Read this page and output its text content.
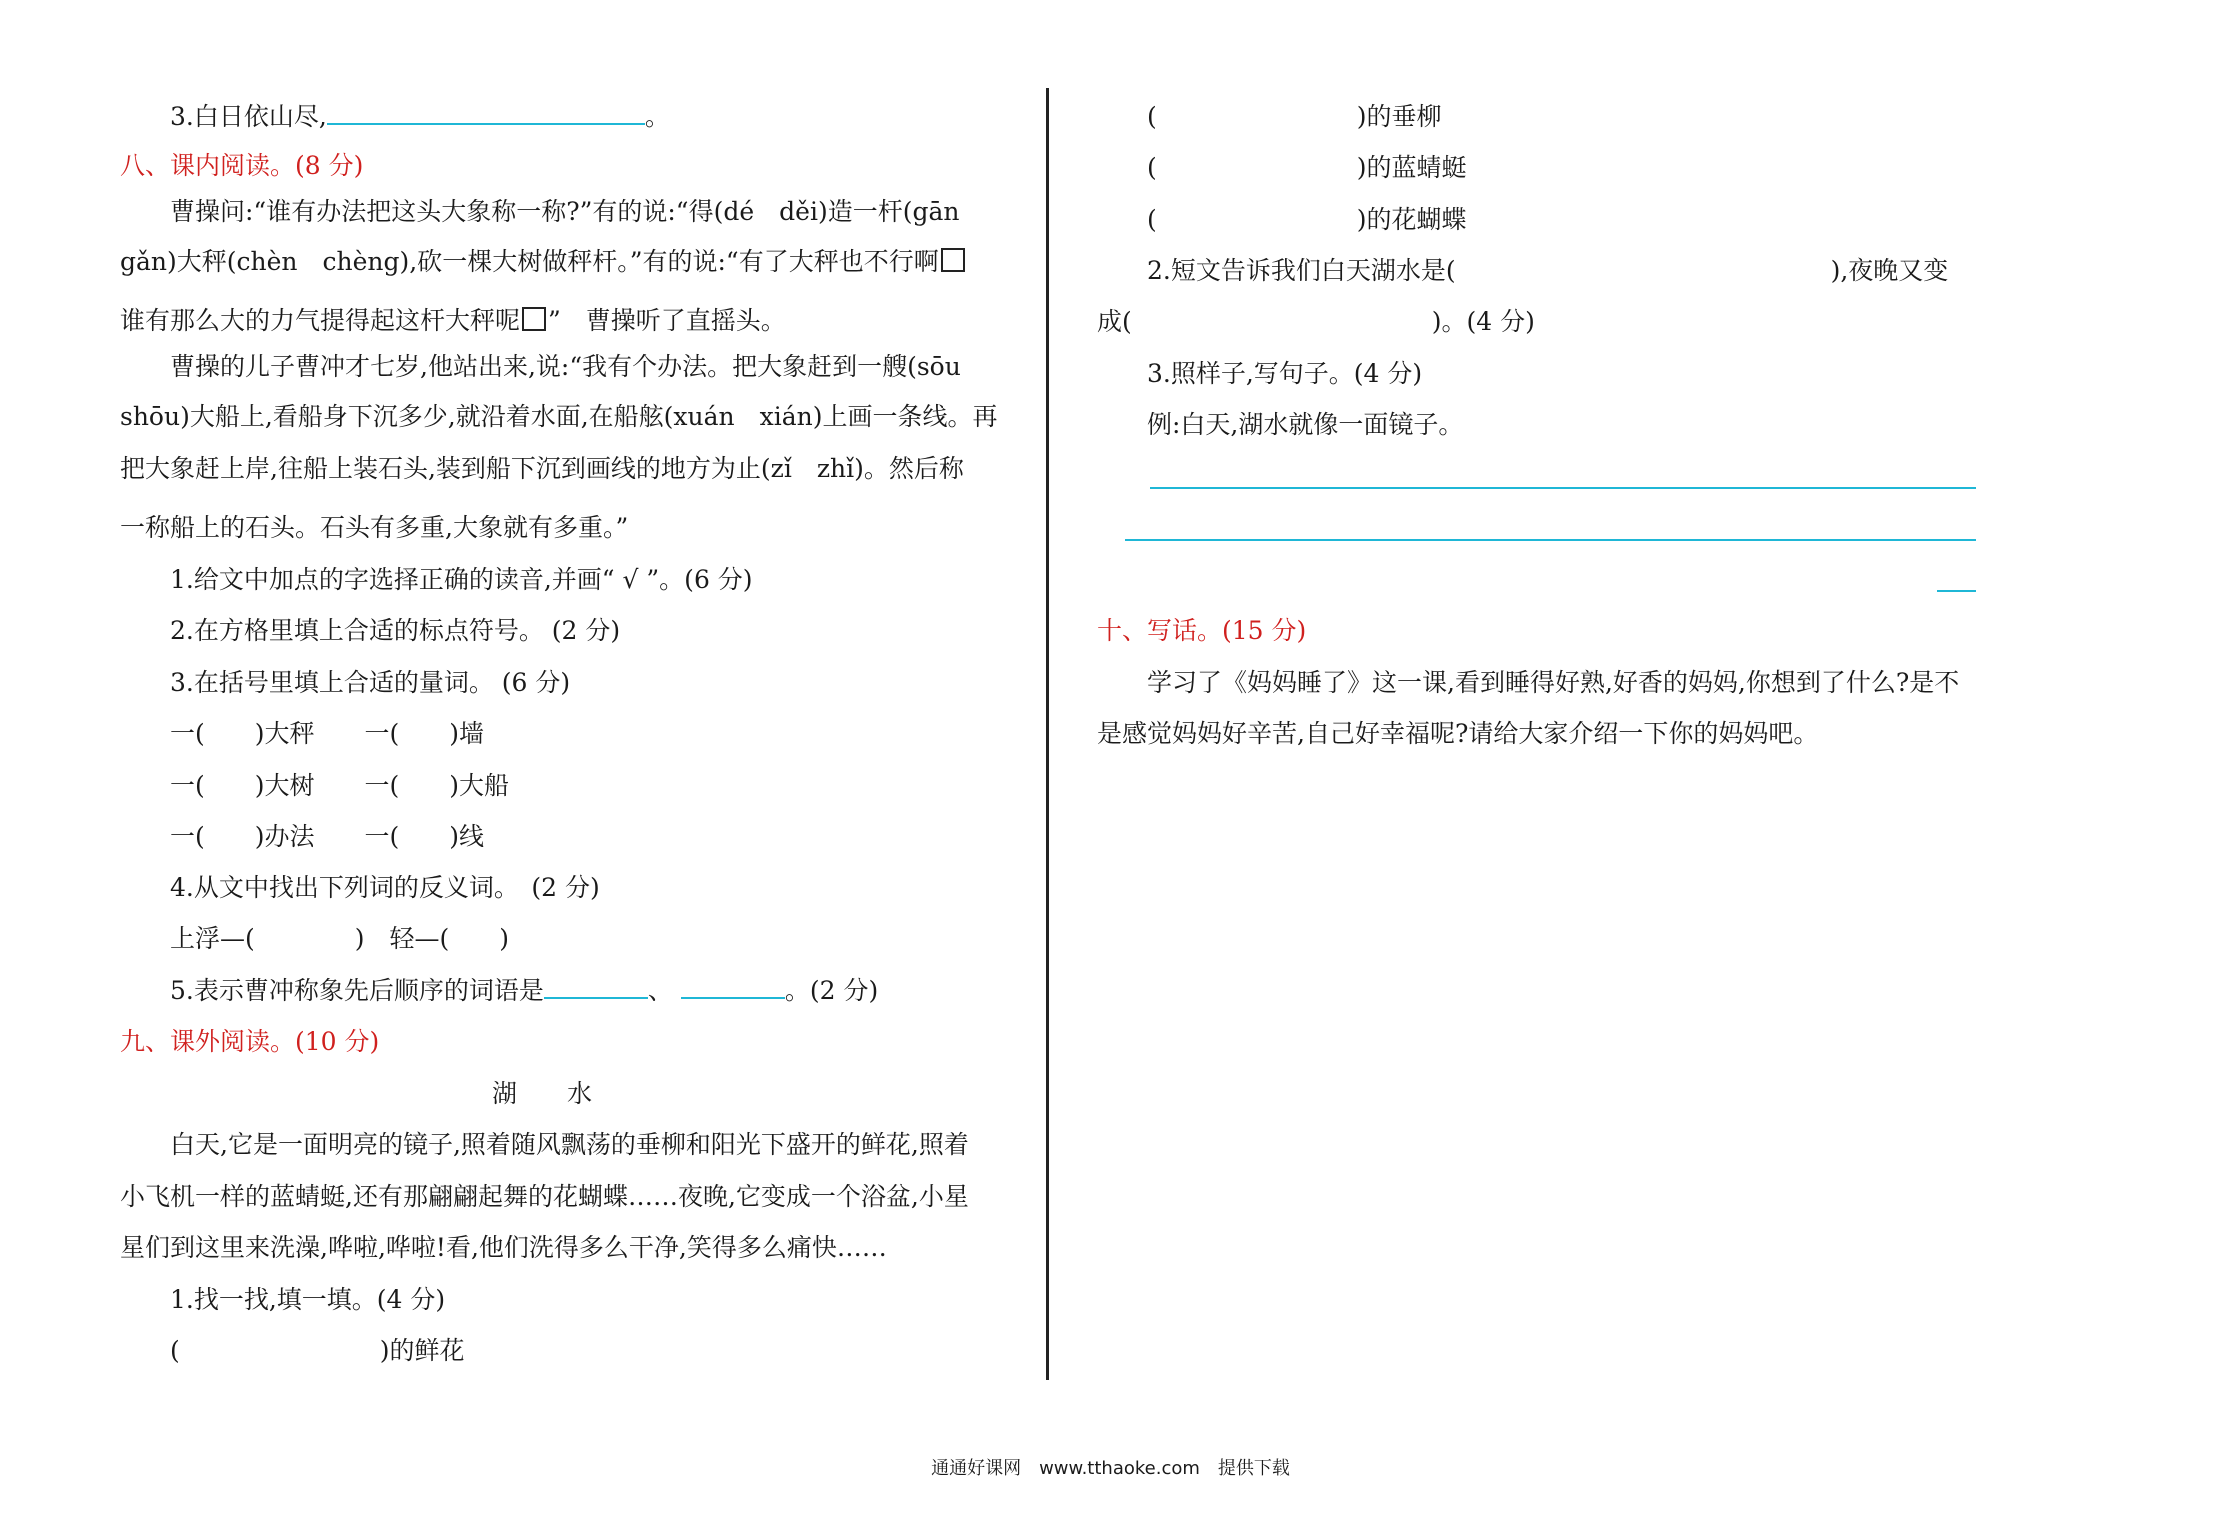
3.白日依山尽,	。
八、课内阅读。(8 分)
曹操问:“谁有办法把这头大象称一称?”有的说:“得(dé　děi)造一杆(gān
gǎn)大秤(chèn　chèng),砍一棵大树做秤杆。”有的说:“有了大秤也不行啊
谁有那么大的力气提得起这杆大秤呢 ”　曹操听了直摇头。
曹操的儿子曹冲才七岁,他站出来,说:“我有个办法。把大象赶到一艘(sōu
shōu)大船上,看船身下沉多少,就沿着水面,在船舷(xuán　xián)上画一条线。再
把大象赶上岸,往船上装石头,装到船下沉到画线的地方为止(zǐ　zhǐ)。然后称
一称船上的石头。石头有多重,大象就有多重。”
1.给文中加点的字选择正确的读音,并画“ √ ”。(6 分)
2.在方格里填上合适的标点符号。 (2 分)
3.在括号里填上合适的量词。 (6 分)
一(　　)大秤　　一(　　)墙
一(　　)大树　　一(　　)大船
一(　　)办法　　一(　　)线
4.从文中找出下列词的反义词。　(2 分)
上浮—(　　　　)　轻—(　　)
5.表示曹冲称象先后顺序的词语是	、	。(2 分)
九、课外阅读。(10 分)
湖　　水
白天,它是一面明亮的镜子,照着随风飘荡的垂柳和阳光下盛开的鲜花,照着
小飞机一样的蓝蜻蜓,还有那翩翩起舞的花蝴蝶……夜晚,它变成一个浴盆,小星
星们到这里来洗澡,哗啦,哗啦!看,他们洗得多么干净,笑得多么痛快……
1.找一找,填一填。(4 分)
(　　　　　　　　)的鲜花
(　　　　　　　　)的垂柳
(　　　　　　　　)的蓝蜻蜓
(　　　　　　　　)的花蝴蝶
2.短文告诉我们白天湖水是(　　　　　　　　　　　　　　　),夜晚又变
成(　　　　　　　　　　　　)。(4 分)
3.照样子,写句子。(4 分)
例:白天,湖水就像一面镜子。
十、写话。(15 分)
学习了《妈妈睡了》这一课,看到睡得好熟,好香的妈妈,你想到了什么?是不
是感觉妈妈好辛苦,自己好幸福呢?请给大家介绍一下你的妈妈吧。
通通好课网　www.tthaoke.com　提供下载
